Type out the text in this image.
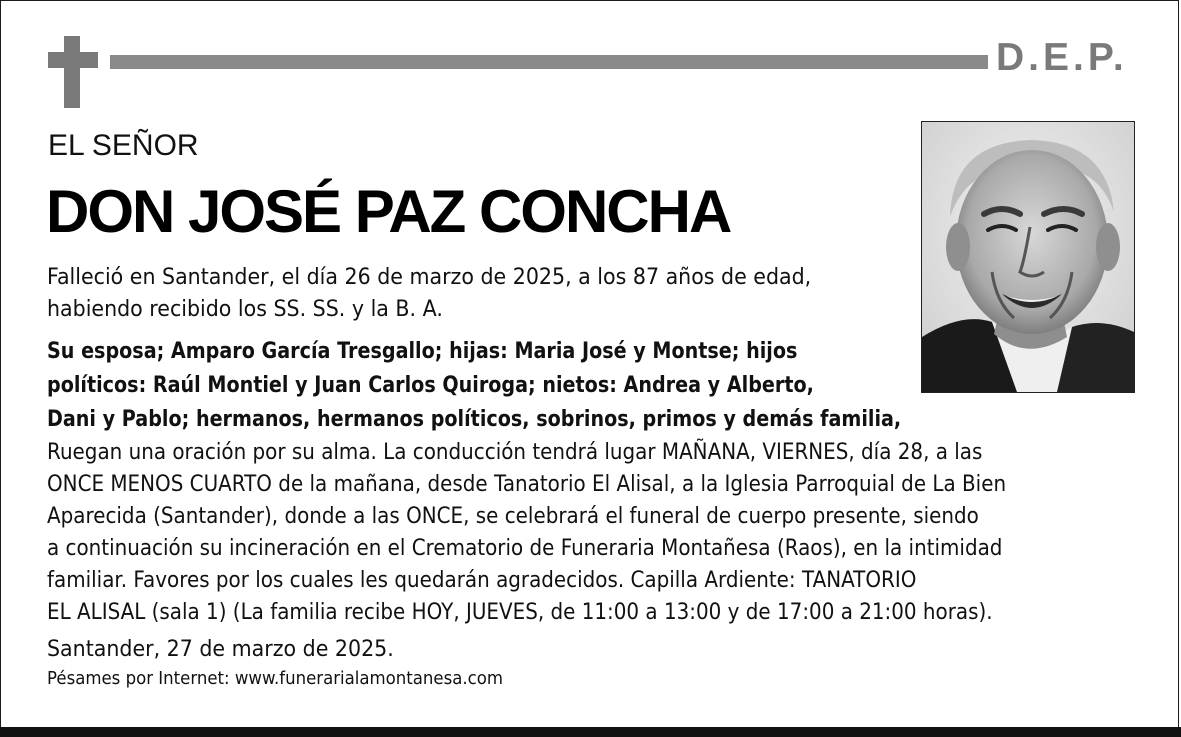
D.E.P.
EL SEÑOR
DON JOSÉ PAZ CONCHA
Falleció en Santander, el día 26 de marzo de 2025, a los 87 años de edad,
habiendo recibido los SS. SS. y la B. A.
Su esposa; Amparo García Tresgallo; hijas: Maria José y Montse; hijos
políticos: Raúl Montiel y Juan Carlos Quiroga; nietos: Andrea y Alberto,
Dani y Pablo; hermanos, hermanos políticos, sobrinos, primos y demás familia,
Ruegan una oración por su alma. La conducción tendrá lugar MAÑANA, VIERNES, día 28, a las
ONCE MENOS CUARTO de la mañana, desde Tanatorio El Alisal, a la Iglesia Parroquial de La Bien
Aparecida (Santander), donde a las ONCE, se celebrará el funeral de cuerpo presente, siendo
a continuación su incineración en el Crematorio de Funeraria Montañesa (Raos), en la intimidad
familiar. Favores por los cuales les quedarán agradecidos. Capilla Ardiente: TANATORIO
EL ALISAL (sala 1) (La familia recibe HOY, JUEVES, de 11:00 a 13:00 y de 17:00 a 21:00 horas).
Santander, 27 de marzo de 2025.
Pésames por Internet: www.funerarialamontanesa.com
